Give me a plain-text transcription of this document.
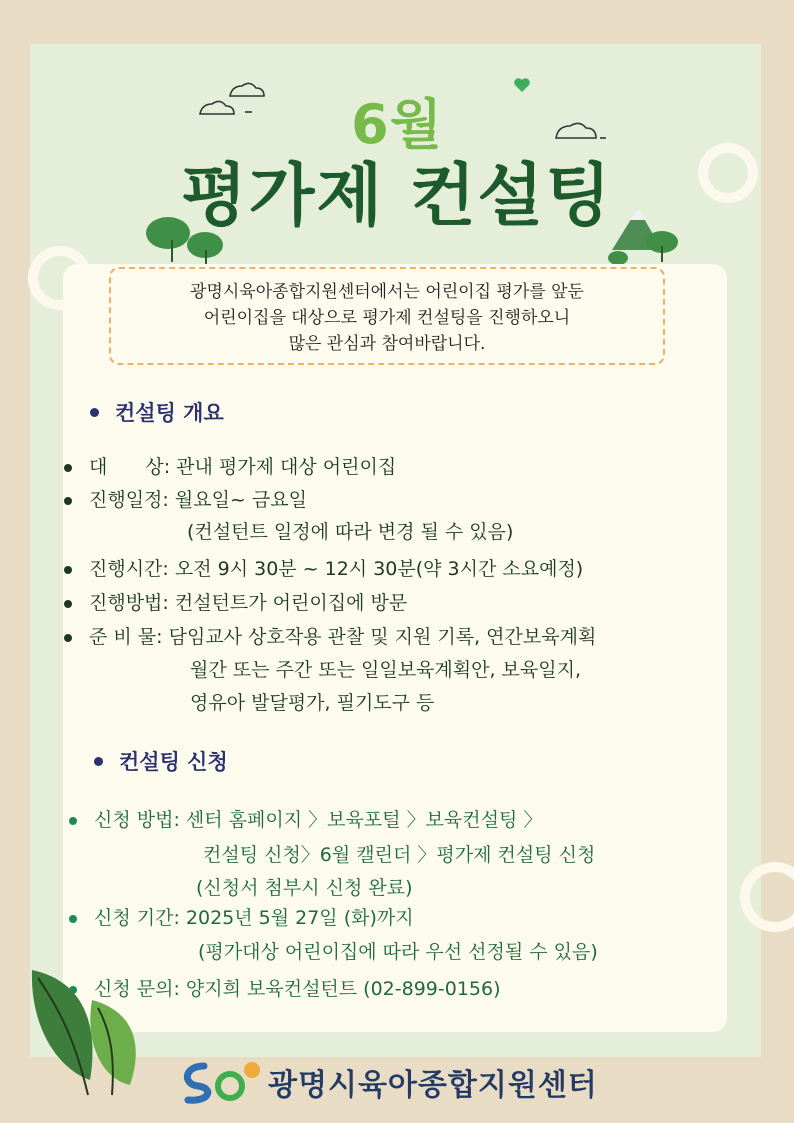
6월
평가제 컨설팅
광명시육아종합지원센터에서는 어린이집 평가를 앞둔
어린이집을 대상으로 평가제 컨설팅을 진행하오니
많은 관심과 참여바랍니다.
컨설팅 개요
대　　상: 관내 평가제 대상 어린이집
진행일정: 월요일~ 금요일
(컨설턴트 일정에 따라 변경 될 수 있음)
진행시간: 오전 9시 30분 ~ 12시 30분(약 3시간 소요예정)
진행방법: 컨설턴트가 어린이집에 방문
준 비 물: 담임교사 상호작용 관찰 및 지원 기록, 연간보육계획
월간 또는 주간 또는 일일보육계획안, 보육일지,
영유아 발달평가, 필기도구 등
컨설팅 신청
신청 방법: 센터 홈페이지 〉보육포털 〉보육컨설팅 〉
컨설팅 신청〉6월 캘린더 〉평가제 컨설팅 신청
(신청서 첨부시 신청 완료)
신청 기간: 2025년 5월 27일 (화)까지
(평가대상 어린이집에 따라 우선 선정될 수 있음)
신청 문의: 양지희 보육컨설턴트 (02-899-0156)
광명시육아종합지원센터
